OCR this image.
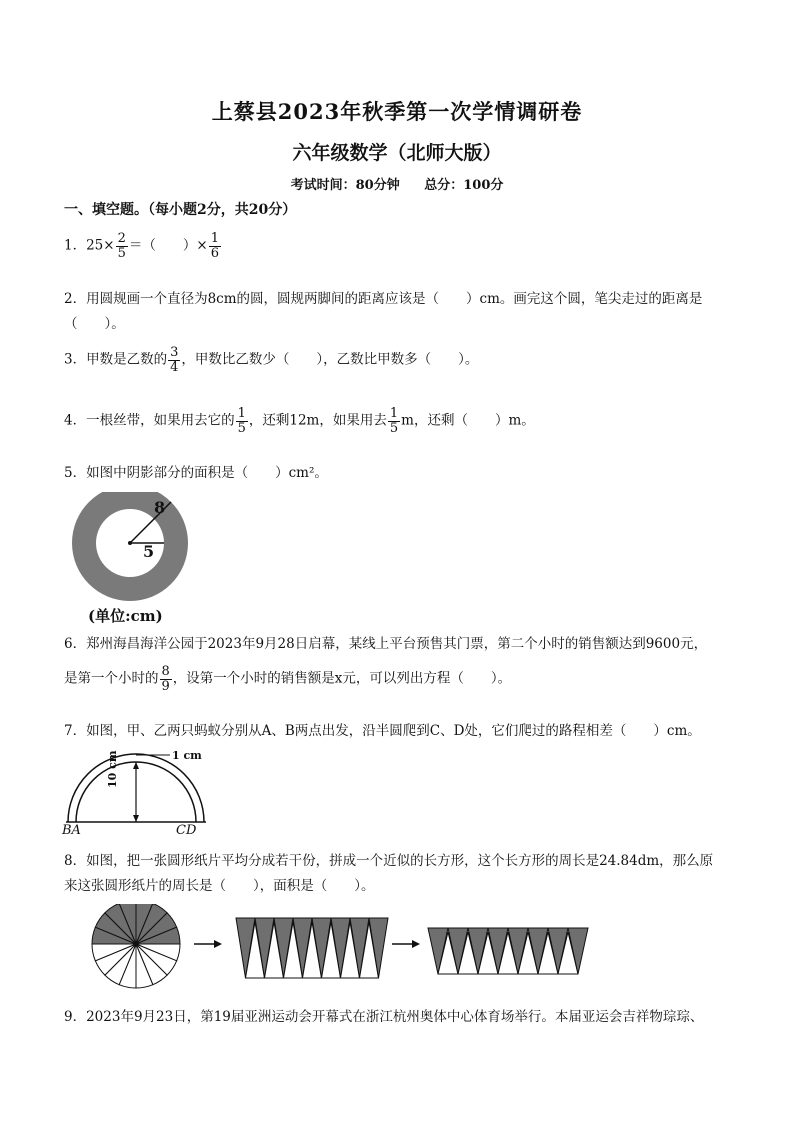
上蔡县2023年秋季第一次学情调研卷
六年级数学（北师大版）
考试时间：80分钟 总分：100分
一、填空题。（每小题2分，共20分）
1．$25\times \frac{2}{5}$ ＝（　　）× $\frac{1}{6}$
2．用圆规画一个直径为8cm的圆，圆规两脚间的距离应该是（　　）cm。画完这个圆，笔尖走过的距离是
（　　）。
3．甲数是乙数的 $\frac{3}{4}$ ，甲数比乙数少（　　），乙数比甲数多（　　）。
4．一根丝带，如果用去它的 $\frac{1}{5}$ ，还剩12m，如果用去 $\frac{1}{5}$ m，还剩（　　）m。
5．如图中阴影部分的面积是（　　）cm²。
8
5
(单位:cm)
6．郑州海昌海洋公园于2023年9月28日启幕，某线上平台预售其门票，第二个小时的销售额达到9600元，
是第一个小时的 $\frac{8}{9}$ ，设第一个小时的销售额是x元，可以列出方程（　　）。
7．如图，甲、乙两只蚂蚁分别从A、B两点出发，沿半圆爬到C、D处，它们爬过的路程相差（　　）cm。
1 cm
10 cm
BA	CD
8．如图，把一张圆形纸片平均分成若干份，拼成一个近似的长方形，这个长方形的周长是24.84dm，那么原
来这张圆形纸片的周长是（　　），面积是（　　）。
9．2023年9月23日，第19届亚洲运动会开幕式在浙江杭州奥体中心体育场举行。本届亚运会吉祥物琮琮、
